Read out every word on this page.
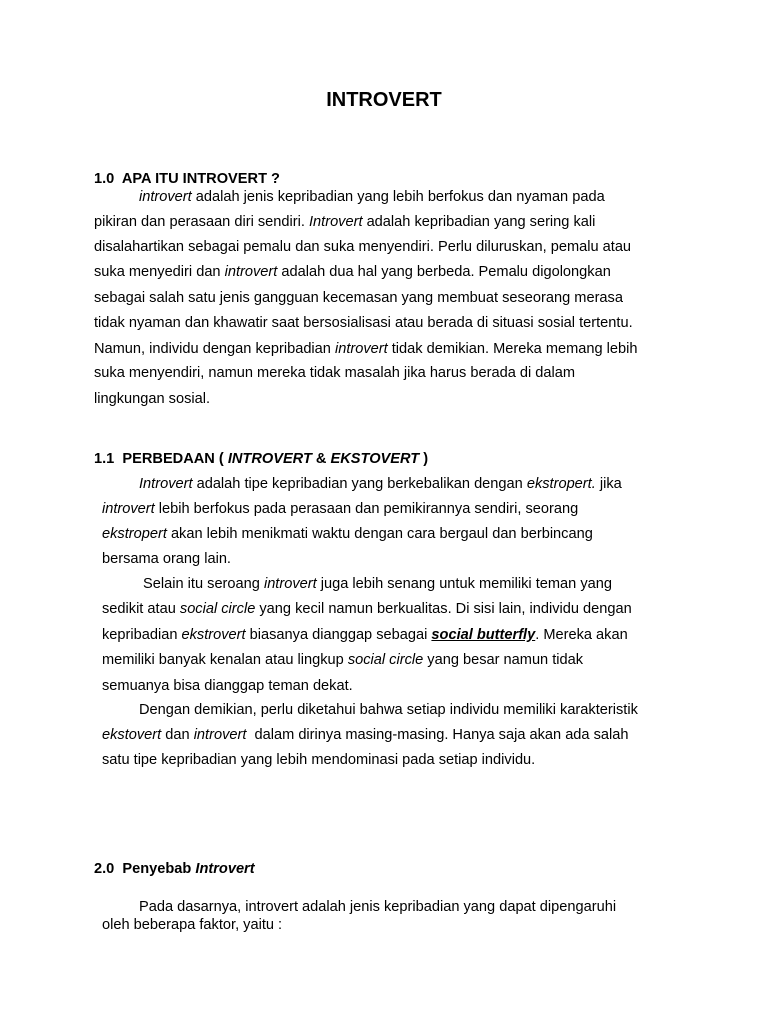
INTROVERT
1.0  APA ITU INTROVERT ?
introvert adalah jenis kepribadian yang lebih berfokus dan nyaman pada
pikiran dan perasaan diri sendiri. Introvert adalah kepribadian yang sering kali
disalahartikan sebagai pemalu dan suka menyendiri. Perlu diluruskan, pemalu atau
suka menyediri dan introvert adalah dua hal yang berbeda. Pemalu digolongkan
sebagai salah satu jenis gangguan kecemasan yang membuat seseorang merasa
tidak nyaman dan khawatir saat bersosialisasi atau berada di situasi sosial tertentu.
Namun, individu dengan kepribadian introvert tidak demikian. Mereka memang lebih
suka menyendiri, namun mereka tidak masalah jika harus berada di dalam
lingkungan sosial.
1.1  PERBEDAAN ( INTROVERT & EKSTOVERT )
Introvert adalah tipe kepribadian yang berkebalikan dengan ekstropert. jika
introvert lebih berfokus pada perasaan dan pemikirannya sendiri, seorang
ekstropert akan lebih menikmati waktu dengan cara bergaul dan berbincang
bersama orang lain.
Selain itu seroang introvert juga lebih senang untuk memiliki teman yang
sedikit atau social circle yang kecil namun berkualitas. Di sisi lain, individu dengan
kepribadian ekstrovert biasanya dianggap sebagai social butterfly. Mereka akan
memiliki banyak kenalan atau lingkup social circle yang besar namun tidak
semuanya bisa dianggap teman dekat.
Dengan demikian, perlu diketahui bahwa setiap individu memiliki karakteristik
ekstovert dan introvert  dalam dirinya masing-masing. Hanya saja akan ada salah
satu tipe kepribadian yang lebih mendominasi pada setiap individu.
2.0  Penyebab Introvert
Pada dasarnya, introvert adalah jenis kepribadian yang dapat dipengaruhi
oleh beberapa faktor, yaitu :
